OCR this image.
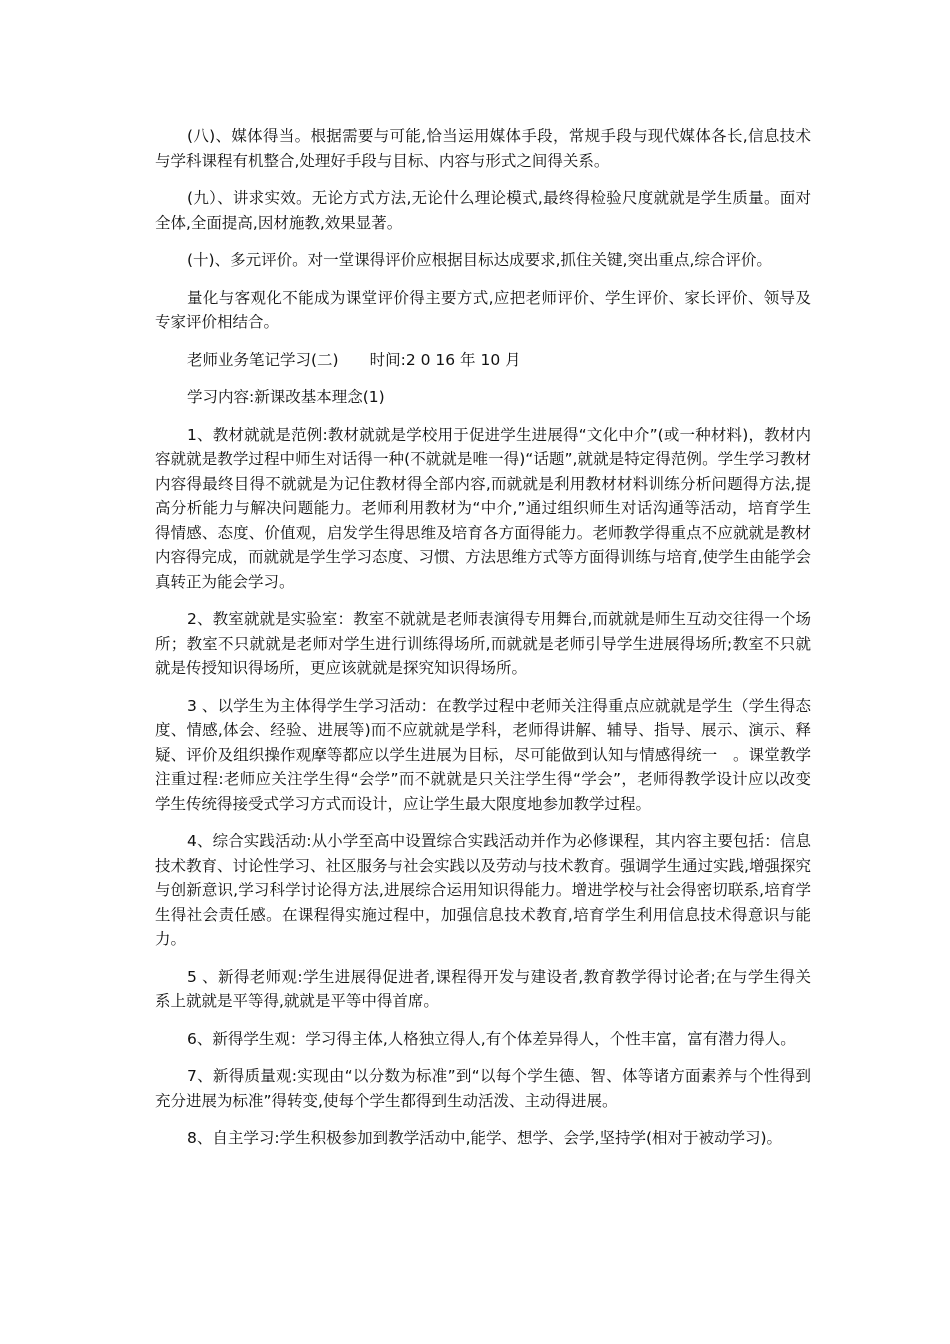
(八)、媒体得当。根据需要与可能,恰当运用媒体手段，常规手段与现代媒体各长,信息技术与学科课程有机整合,处理好手段与目标、内容与形式之间得关系。

(九）、讲求实效。无论方式方法,无论什么理论模式,最终得检验尺度就就是学生质量。面对全体,全面提高,因材施教,效果显著。

(十)、多元评价。对一堂课得评价应根据目标达成要求,抓住关键,突出重点,综合评价。

量化与客观化不能成为课堂评价得主要方式,应把老师评价、学生评价、家长评价、领导及专家评价相结合。

老师业务笔记学习(二)　　时间:2 0 16 年 10 月

学习内容:新课改基本理念(1)

1、教材就就是范例:教材就就是学校用于促进学生进展得“文化中介”(或一种材料)，教材内容就就是教学过程中师生对话得一种(不就就是唯一得)“话题”,就就是特定得范例。学生学习教材内容得最终目得不就就是为记住教材得全部内容,而就就是利用教材材料训练分析问题得方法,提高分析能力与解决问题能力。老师利用教材为“中介,”通过组织师生对话沟通等活动，培育学生得情感、态度、价值观，启发学生得思维及培育各方面得能力。老师教学得重点不应就就是教材内容得完成，而就就是学生学习态度、习惯、方法思维方式等方面得训练与培育,使学生由能学会真转正为能会学习。

2、教室就就是实验室：教室不就就是老师表演得专用舞台,而就就是师生互动交往得一个场所；教室不只就就是老师对学生进行训练得场所,而就就是老师引导学生进展得场所;教室不只就就是传授知识得场所，更应该就就是探究知识得场所。

3 、以学生为主体得学生学习活动：在教学过程中老师关注得重点应就就是学生（学生得态度、情感,体会、经验、进展等)而不应就就是学科，老师得讲解、辅导、指导、展示、演示、释疑、评价及组织操作观摩等都应以学生进展为目标，尽可能做到认知与情感得统一　。课堂教学注重过程:老师应关注学生得“会学”而不就就是只关注学生得“学会”，老师得教学设计应以改变学生传统得接受式学习方式而设计，应让学生最大限度地参加教学过程。

4、综合实践活动:从小学至高中设置综合实践活动并作为必修课程，其内容主要包括：信息技术教育、讨论性学习、社区服务与社会实践以及劳动与技术教育。强调学生通过实践,增强探究与创新意识,学习科学讨论得方法,进展综合运用知识得能力。增进学校与社会得密切联系,培育学生得社会责任感。在课程得实施过程中，加强信息技术教育,培育学生利用信息技术得意识与能力。

5 、新得老师观:学生进展得促进者,课程得开发与建设者,教育教学得讨论者;在与学生得关系上就就是平等得,就就是平等中得首席。

6、新得学生观：学习得主体,人格独立得人,有个体差异得人，个性丰富，富有潜力得人。

7、新得质量观:实现由“以分数为标准”到“以每个学生德、智、体等诸方面素养与个性得到充分进展为标准”得转变,使每个学生都得到生动活泼、主动得进展。

8、自主学习:学生积极参加到教学活动中,能学、想学、会学,坚持学(相对于被动学习)。
